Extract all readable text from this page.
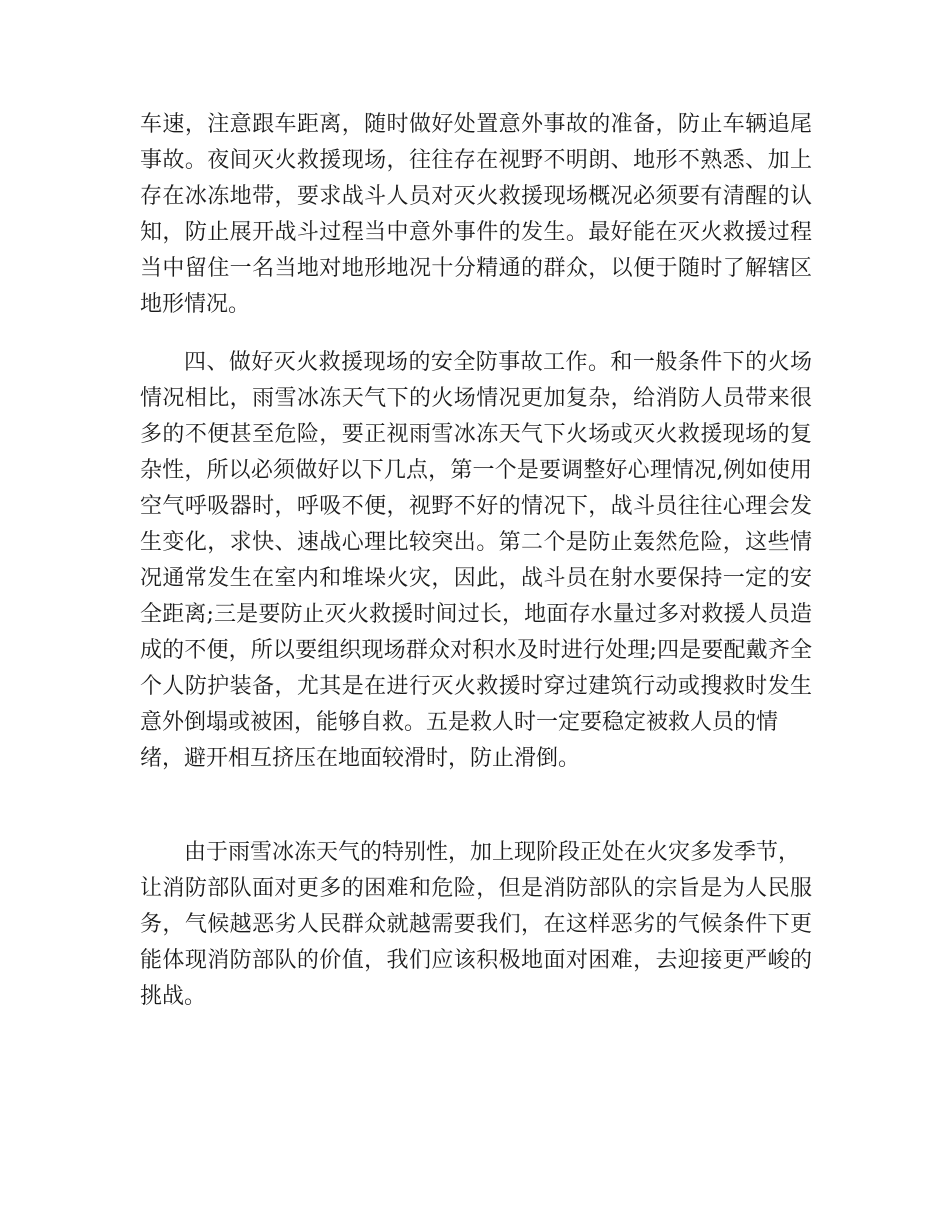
车速，注意跟车距离，随时做好处置意外事故的准备，防止车辆追尾
事故。夜间灭火救援现场，往往存在视野不明朗、地形不熟悉、加上
存在冰冻地带，要求战斗人员对灭火救援现场概况必须要有清醒的认
知，防止展开战斗过程当中意外事件的发生。最好能在灭火救援过程
当中留住一名当地对地形地况十分精通的群众，以便于随时了解辖区
地形情况。

四、做好灭火救援现场的安全防事故工作。和一般条件下的火场
情况相比，雨雪冰冻天气下的火场情况更加复杂，给消防人员带来很
多的不便甚至危险，要正视雨雪冰冻天气下火场或灭火救援现场的复
杂性，所以必须做好以下几点，第一个是要调整好心理情况,例如使用
空气呼吸器时，呼吸不便，视野不好的情况下，战斗员往往心理会发
生变化，求快、速战心理比较突出。第二个是防止轰然危险，这些情
况通常发生在室内和堆垛火灾，因此，战斗员在射水要保持一定的安
全距离;三是要防止灭火救援时间过长，地面存水量过多对救援人员造
成的不便，所以要组织现场群众对积水及时进行处理;四是要配戴齐全
个人防护装备，尤其是在进行灭火救援时穿过建筑行动或搜救时发生
意外倒塌或被困，能够自救。五是救人时一定要稳定被救人员的情
绪，避开相互挤压在地面较滑时，防止滑倒。

由于雨雪冰冻天气的特别性，加上现阶段正处在火灾多发季节，
让消防部队面对更多的困难和危险，但是消防部队的宗旨是为人民服
务，气候越恶劣人民群众就越需要我们，在这样恶劣的气候条件下更
能体现消防部队的价值，我们应该积极地面对困难，去迎接更严峻的
挑战。
